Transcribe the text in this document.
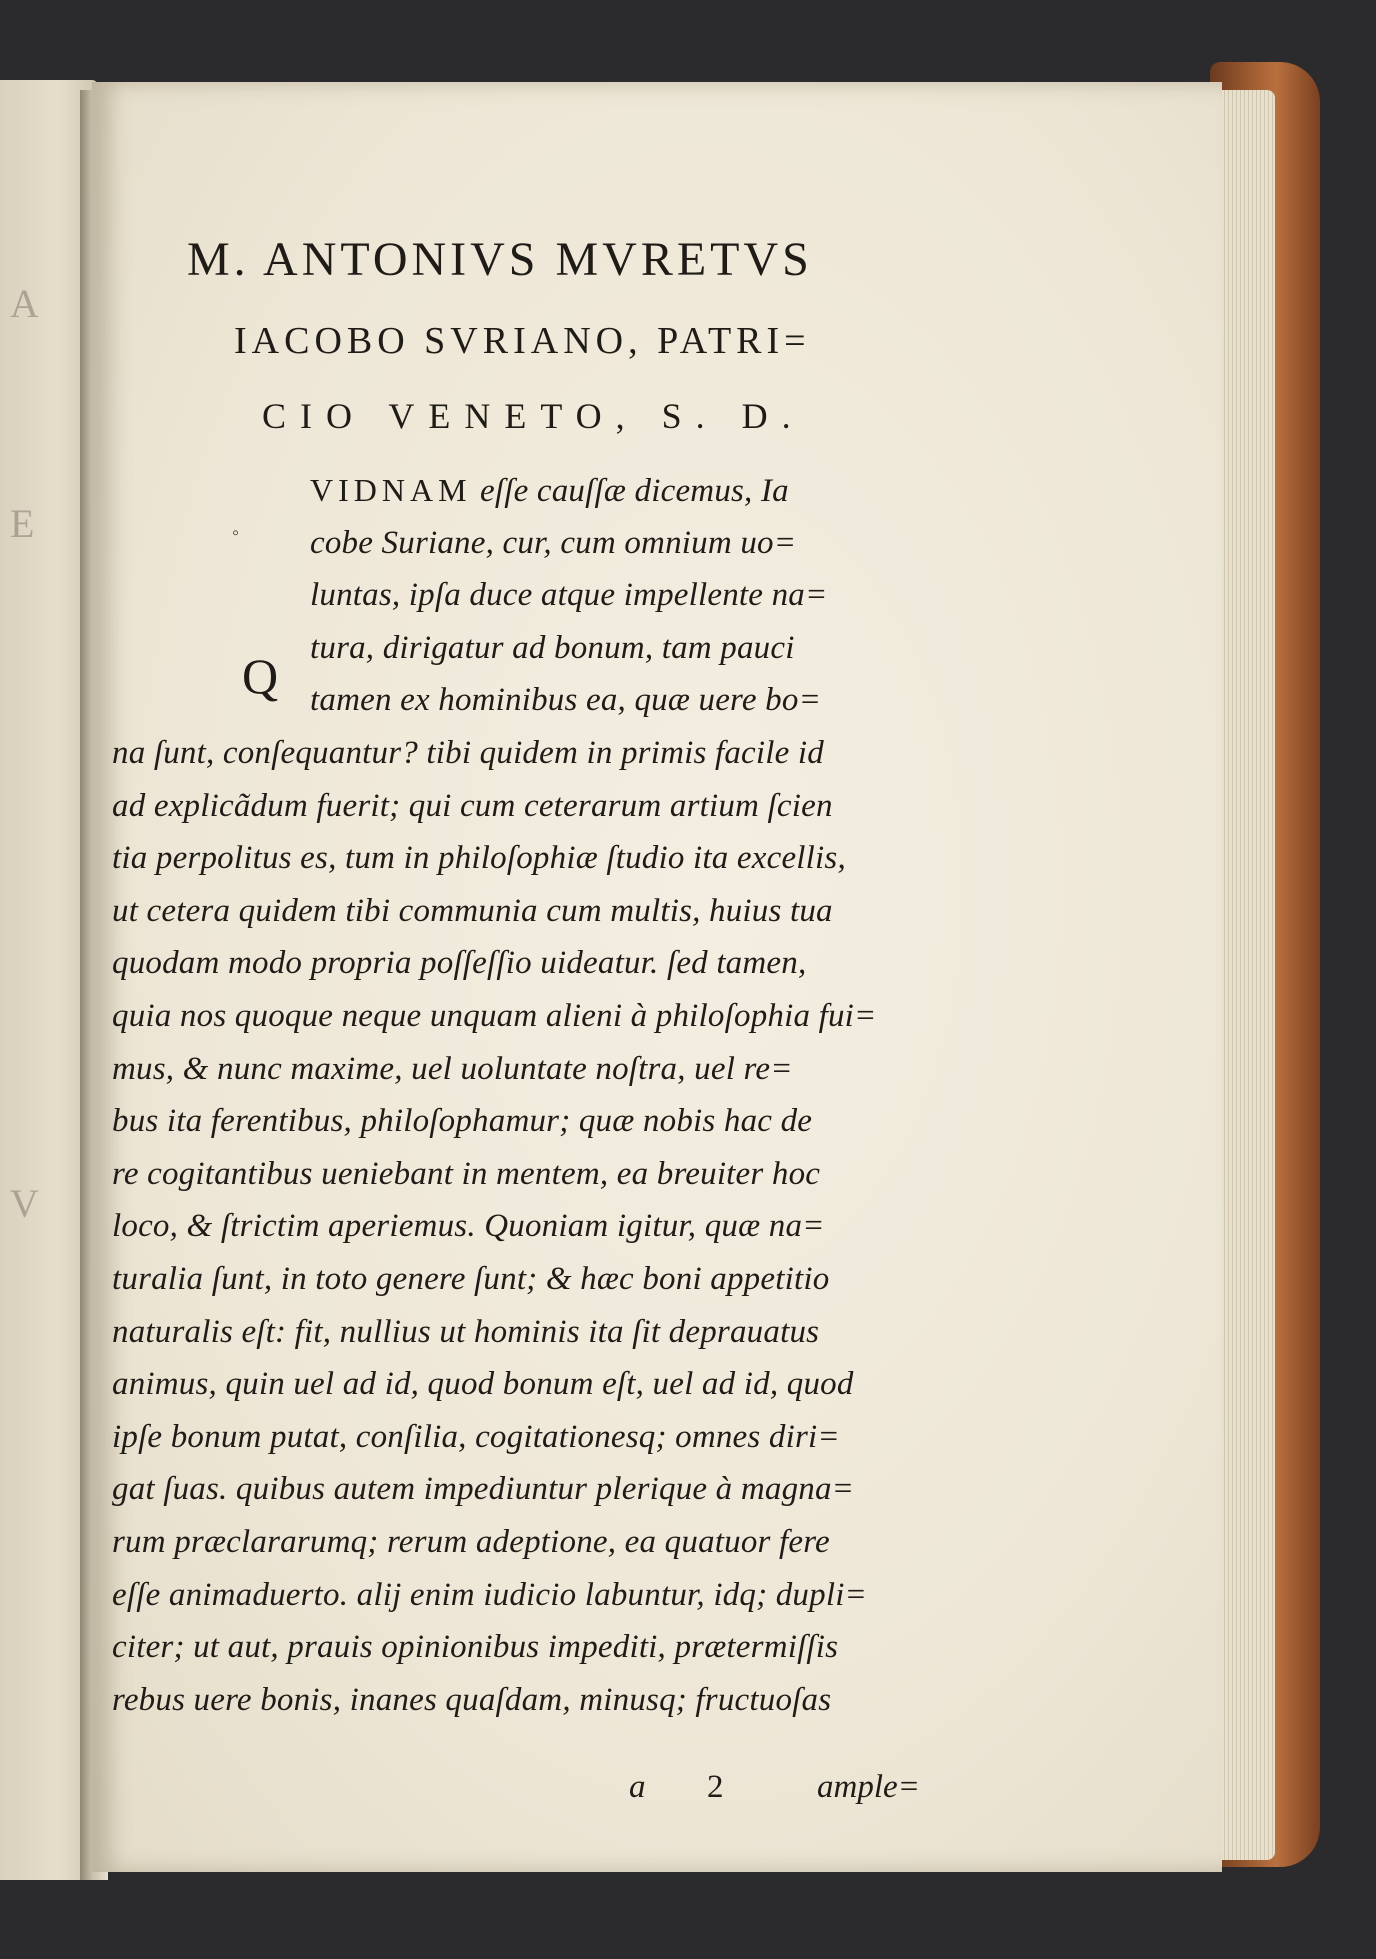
A
E
V
M. ANTONIVS MVRETVS
IACOBO SVRIANO, PATRI=
CIO VENETO, S. D.
◦
Q
VIDNAM eſſe cauſſæ dicemus, Ia
cobe Suriane, cur, cum omnium uo=
luntas, ipſa duce atque impellente na=
tura, dirigatur ad bonum, tam pauci
tamen ex hominibus ea, quæ uere bo=
na ſunt, conſequantur? tibi quidem in primis facile id
ad explicãdum fuerit; qui cum ceterarum artium ſcien
tia perpolitus es, tum in philoſophiæ ſtudio ita excellis,
ut cetera quidem tibi communia cum multis, huius tua
quodam modo propria poſſeſſio uideatur. ſed tamen,
quia nos quoque neque unquam alieni à philoſophia fui=
mus, & nunc maxime, uel uoluntate noſtra, uel re=
bus ita ferentibus, philoſophamur; quæ nobis hac de
re cogitantibus ueniebant in mentem, ea breuiter hoc
loco, & ſtrictim aperiemus. Quoniam igitur, quæ na=
turalia ſunt, in toto genere ſunt; & hæc boni appetitio
naturalis eſt: fit, nullius ut hominis ita ſit deprauatus
animus, quin uel ad id, quod bonum eſt, uel ad id, quod
ipſe bonum putat, conſilia, cogitationesq; omnes diri=
gat ſuas. quibus autem impediuntur plerique à magna=
rum præclararumq; rerum adeptione, ea quatuor fere
eſſe animaduerto. alij enim iudicio labuntur, idq; dupli=
citer; ut aut, prauis opinionibus impediti, prætermiſſis
rebus uere bonis, inanes quaſdam, minusq; fructuoſas
a 2	ample=
